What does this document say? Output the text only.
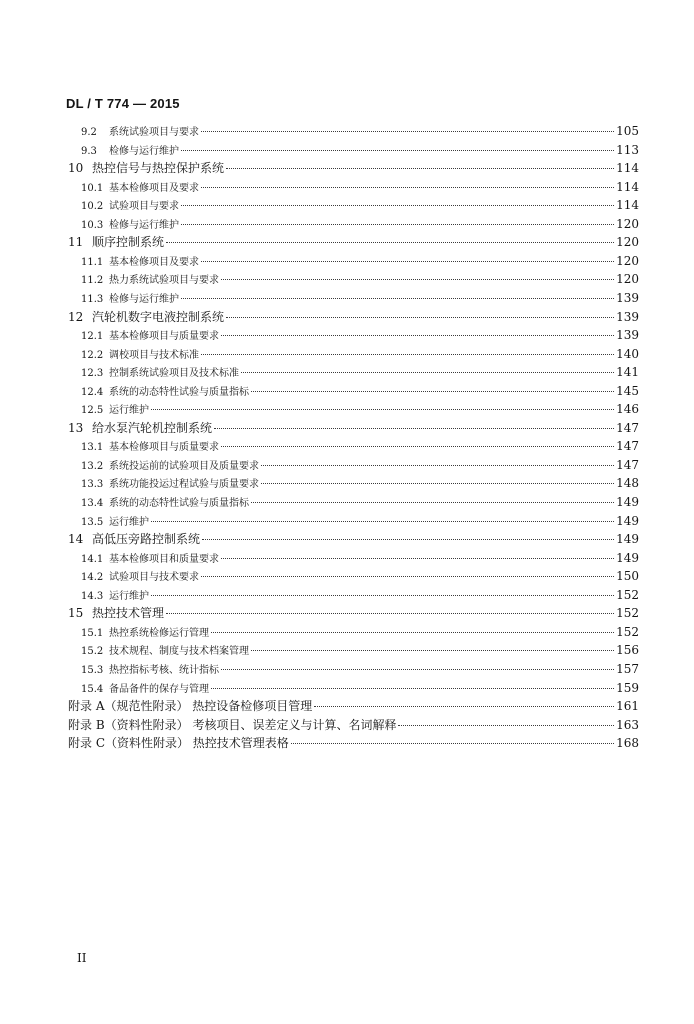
DL / T 774 — 2015
9.2	系统试验项目与要求	105
9.3	检修与运行维护	113
10 热控信号与热控保护系统	114
10.1 基本检修项目及要求	114
10.2 试验项目与要求	114
10.3 检修与运行维护	120
11 顺序控制系统	120
11.1 基本检修项目及要求	120
11.2 热力系统试验项目与要求	120
11.3 检修与运行维护	139
12 汽轮机数字电液控制系统	139
12.1 基本检修项目与质量要求	139
12.2 调校项目与技术标准	140
12.3 控制系统试验项目及技术标准	141
12.4 系统的动态特性试验与质量指标	145
12.5 运行维护	146
13 给水泵汽轮机控制系统	147
13.1 基本检修项目与质量要求	147
13.2 系统投运前的试验项目及质量要求	147
13.3 系统功能投运过程试验与质量要求	148
13.4 系统的动态特性试验与质量指标	149
13.5 运行维护	149
14 高低压旁路控制系统	149
14.1 基本检修项目和质量要求	149
14.2 试验项目与技术要求	150
14.3 运行维护	152
15 热控技术管理	152
15.1 热控系统检修运行管理	152
15.2 技术规程、制度与技术档案管理	156
15.3 热控指标考核、统计指标	157
15.4 备品备件的保存与管理	159
附录 A（规范性附录） 热控设备检修项目管理	161
附录 B（资料性附录） 考核项目、误差定义与计算、名词解释	163
附录 C（资料性附录） 热控技术管理表格	168
II
